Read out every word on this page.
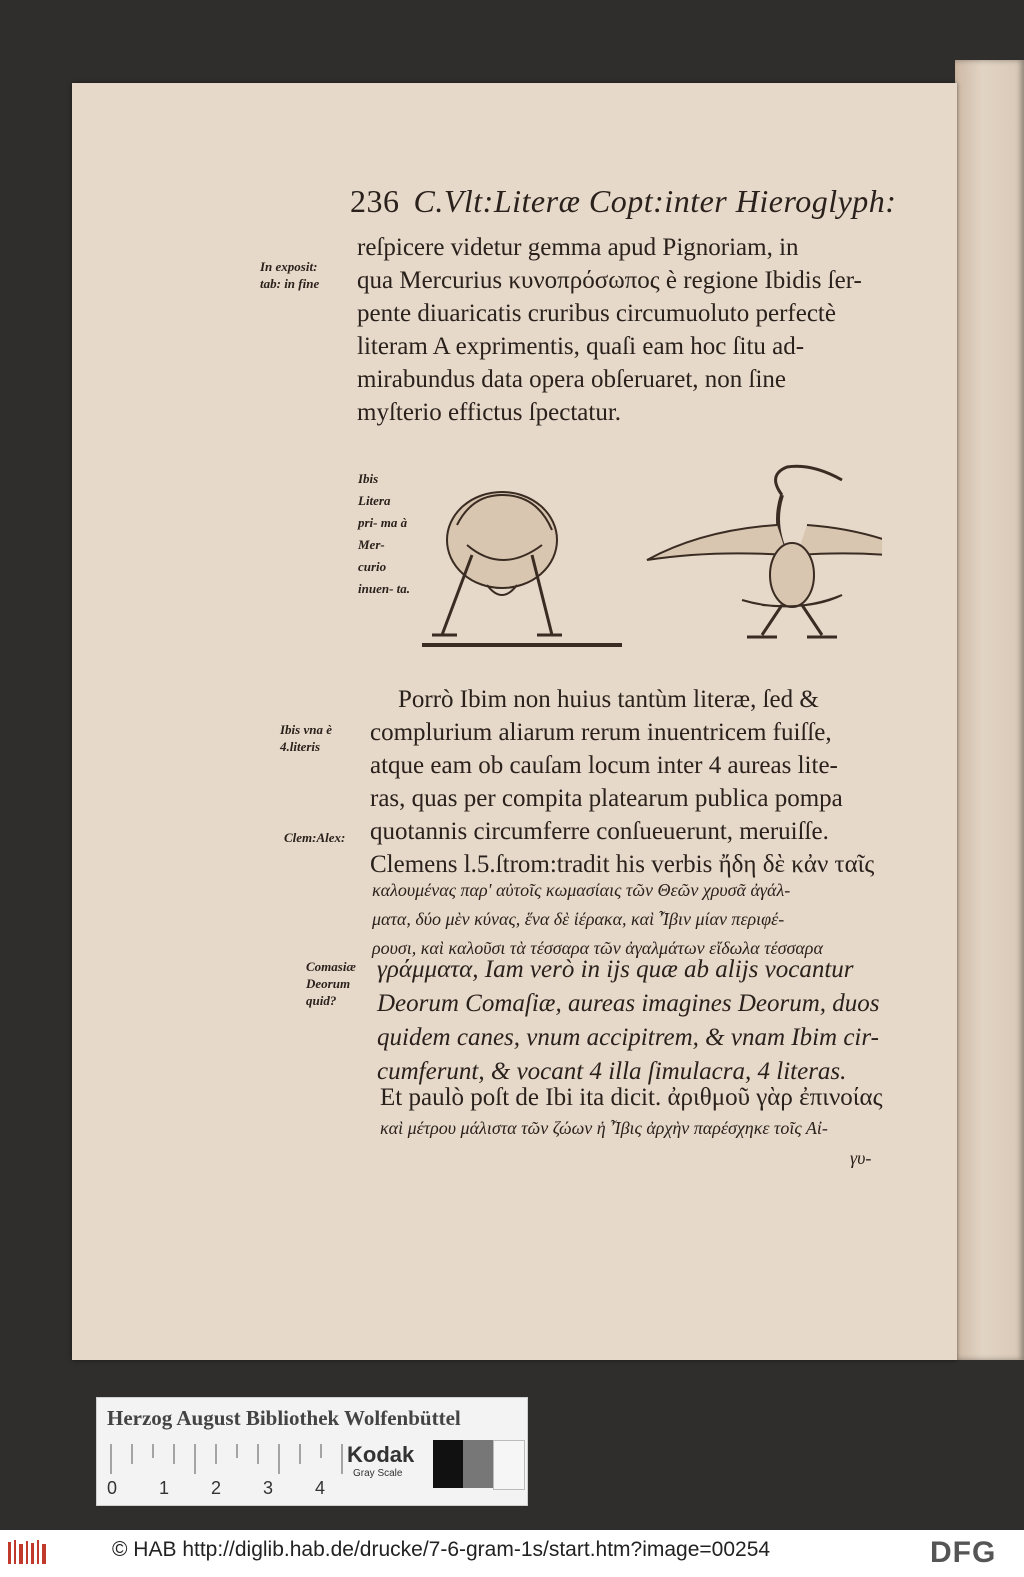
236 C.Vlt:Literæ Copt:inter Hieroglyph:
In exposit: tab: in fine
reſpicere videtur gemma apud Pignoriam, in
qua Mercurius κυνοπρόσωπος è regione Ibidis ſer-
pente diuaricatis cruribus circumuoluto perfectè
literam A exprimentis, quaſi eam hoc ſitu ad-
mirabundus data opera obſeruaret, non ſine
myſterio effictus ſpectatur.
Ibis Litera pri- ma à Mer- curio inuen- ta.
Ibis vna è 4.literis
Clem:Alex:
Porrò Ibim non huius tantùm literæ, ſed &
complurium aliarum rerum inuentricem fuiſſe,
atque eam ob cauſam locum inter 4 aureas lite-
ras, quas per compita platearum publica pompa
quotannis circumferre conſueuerunt, meruiſſe.
Clemens l.5.ſtrom:tradit his verbis ἤδη δὲ κἀν ταῖς
καλουμένας παρ' αὐτοῖς κωμασίαις τῶν Θεῶν χρυσᾶ ἀγάλ-
ματα, δύο μὲν κύνας, ἕνα δὲ ἱέρακα, καὶ Ἶβιν μίαν περιφέ-
ρουσι, καὶ καλοῦσι τὰ τέσσαρα τῶν ἀγαλμάτων εἴδωλα τέσσαρα
Comasiæ Deorum quid?
γράμματα, Iam verò in ijs quæ ab alijs vocantur
Deorum Comaſiæ, aureas imagines Deorum, duos
quidem canes, vnum accipitrem, & vnam Ibim cir-
cumferunt, & vocant 4 illa ſimulacra, 4 literas.
Et paulò poſt de Ibi ita dicit. ἀριθμοῦ γὰρ ἐπινοίας
καὶ μέτρου μάλιστα τῶν ζώων ἡ Ἶβις ἀρχὴν παρέσχηκε τοῖς Αἰ-
γυ-
Herzog August Bibliothek Wolfenbüttel
0 1 2 3 4
Kodak
Gray Scale
© HAB http://diglib.hab.de/drucke/7-6-gram-1s/start.htm?image=00254	DFG
